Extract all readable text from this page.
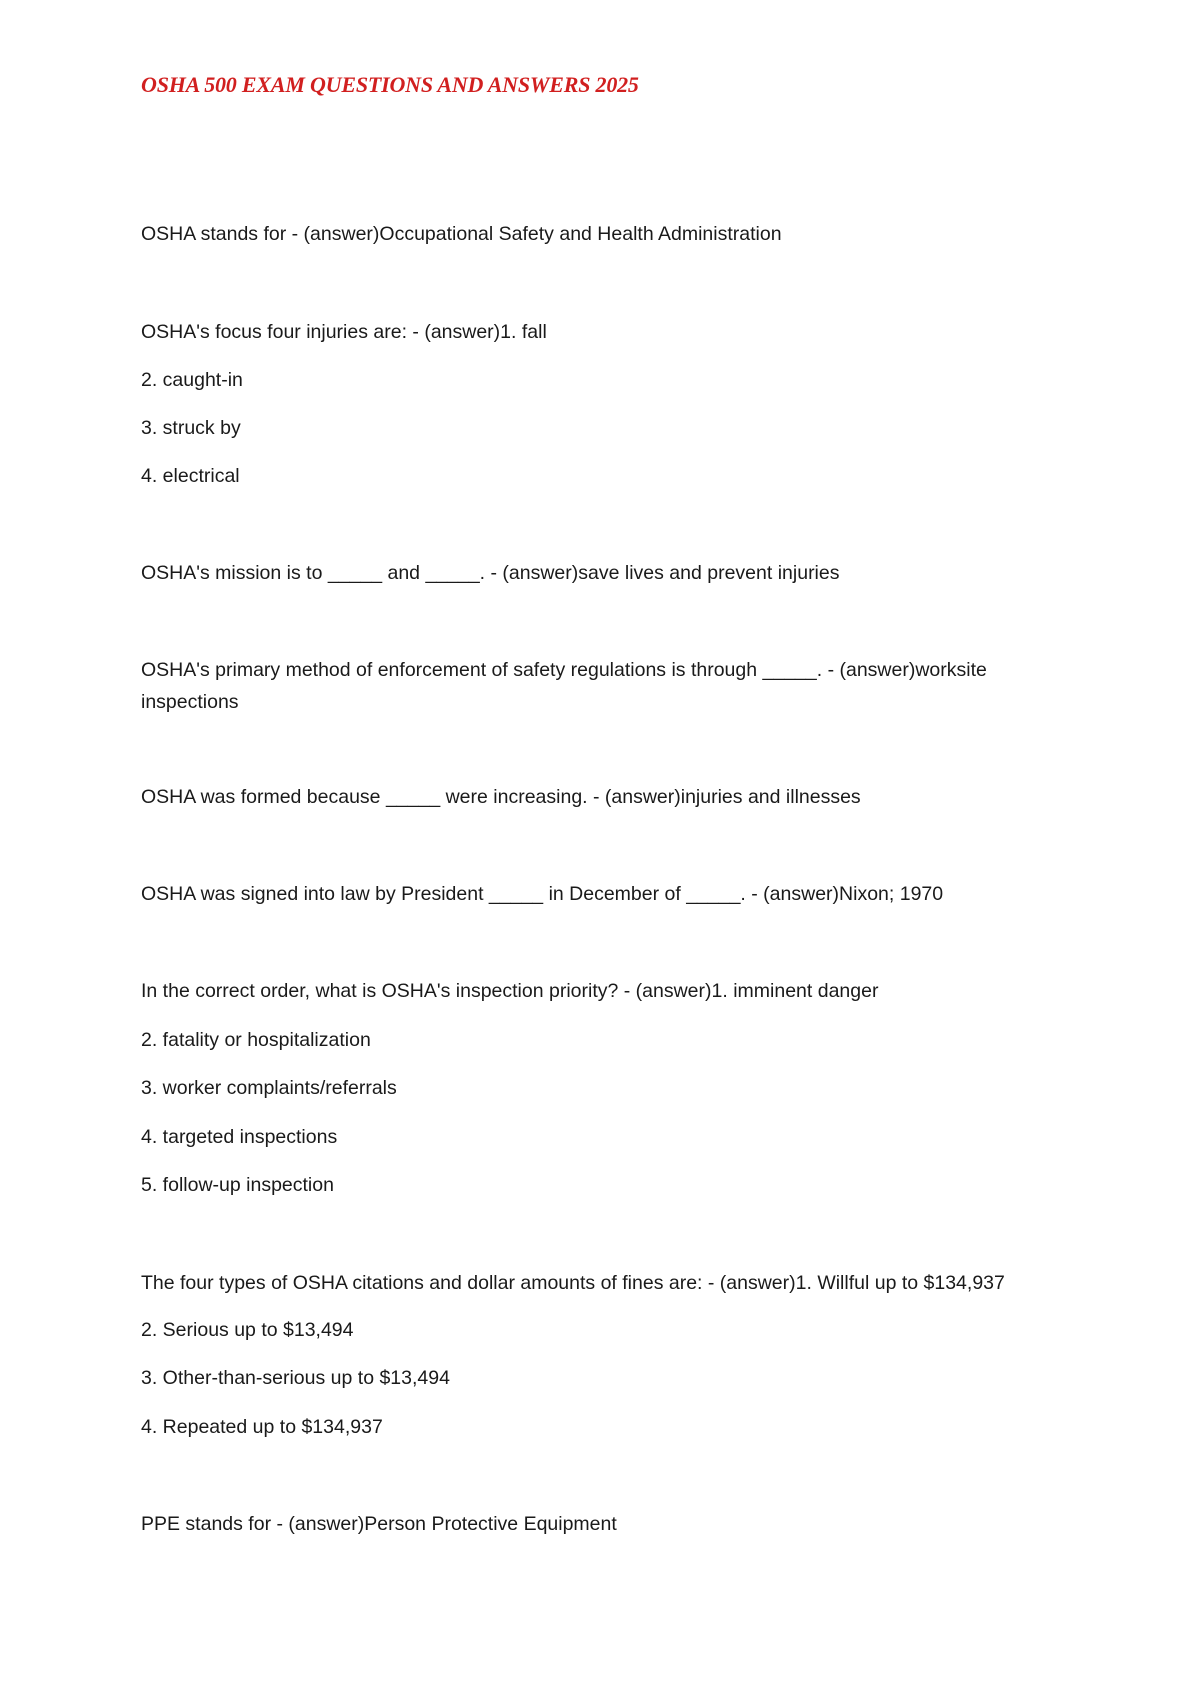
OSHA 500 EXAM QUESTIONS AND ANSWERS 2025

OSHA stands for - (answer)Occupational Safety and Health Administration

OSHA's focus four injuries are: - (answer)1. fall

2. caught-in

3. struck by

4. electrical

OSHA's mission is to _____ and _____. - (answer)save lives and prevent injuries

OSHA's primary method of enforcement of safety regulations is through _____. - (answer)worksite inspections

OSHA was formed because _____ were increasing. - (answer)injuries and illnesses

OSHA was signed into law by President _____ in December of _____. - (answer)Nixon; 1970

In the correct order, what is OSHA's inspection priority? - (answer)1. imminent danger

2. fatality or hospitalization

3. worker complaints/referrals

4. targeted inspections

5. follow-up inspection

The four types of OSHA citations and dollar amounts of fines are: - (answer)1. Willful up to $134,937

2. Serious up to $13,494

3. Other-than-serious up to $13,494

4. Repeated up to $134,937

PPE stands for - (answer)Person Protective Equipment
